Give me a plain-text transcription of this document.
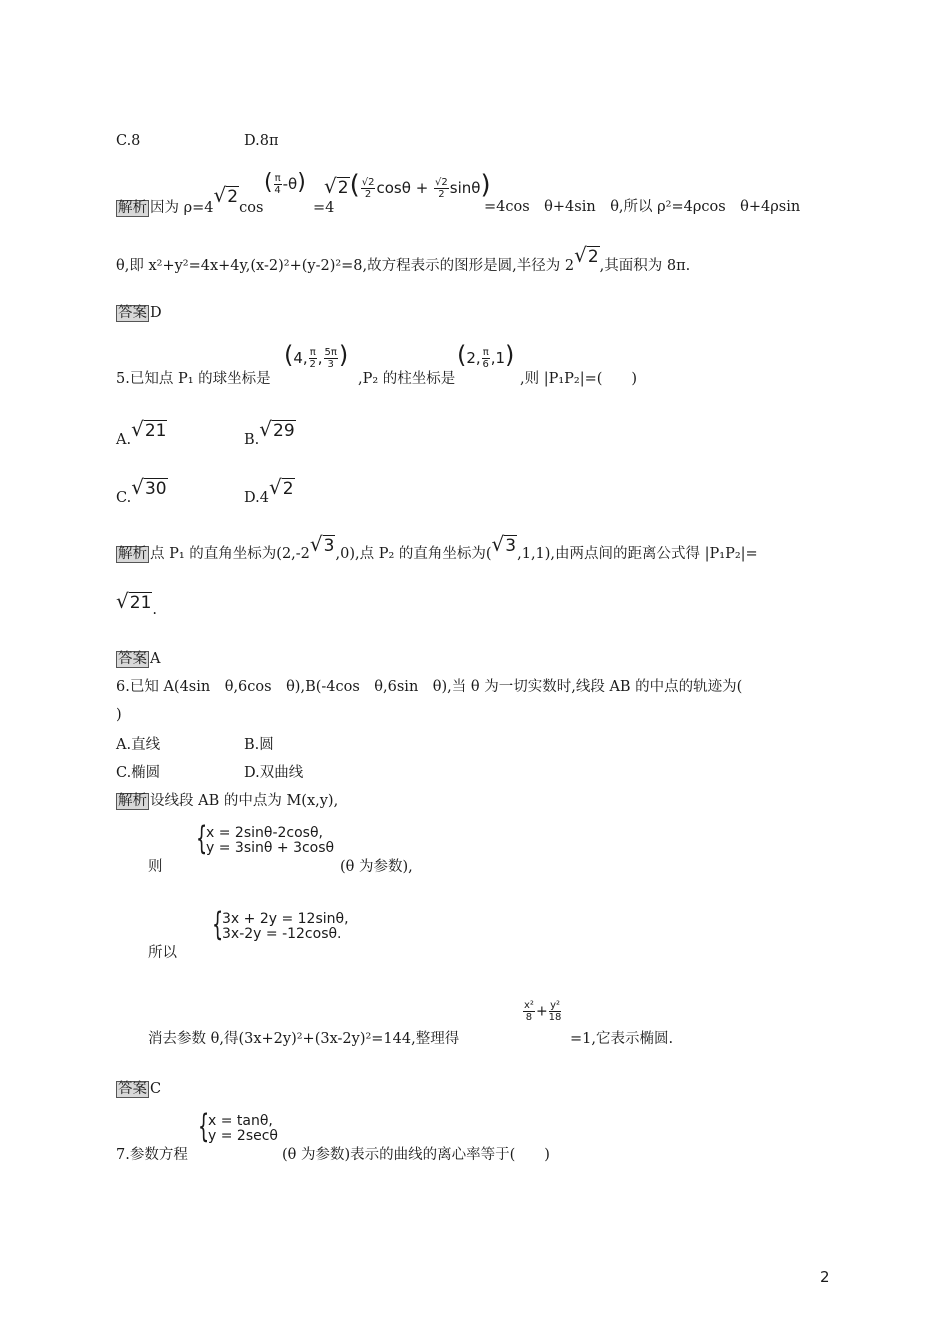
C.8	D.8π
解析 因为 ρ=4√2cos
( $\frac{\pi}{4} -\theta$)
=4
$√2( \frac{√2}{2}$ $\cos\theta + \frac{√2}{2} \sin\theta$)
=4cos　θ+4sin　θ,所以 ρ²=4ρcos　θ+4ρsin
θ,即 x²+y²=4x+4y,(x-2)²+(y-2)²=8,故方程表示的图形是圆,半径为 2√2,其面积为 8π.
答案 D
5.已知点 P₁ 的球坐标是
(4, $\frac{\pi}{2}$ , $\frac{5\pi}{3}$ )
,P₂ 的柱坐标是
(2, $\frac{\pi}{6} ,1$)
,则 |P₁P₂|=(　　)
A.√21	B.√29
C.√30	D.4√2
解析 点 P₁ 的直角坐标为(2,-2√3,0),点 P₂ 的直角坐标为(√3,1,1),由两点间的距离公式得 |P₁P₂|=
√21.
答案 A
6.已知 A(4sin　θ,6cos　θ),B(-4cos　θ,6sin　θ),当 θ 为一切实数时,线段 AB 的中点的轨迹为(
)
A.直线	B.圆
C.椭圆	D.双曲线
解析 设线段 AB 的中点为 M(x,y),
{
x = 2sinθ-2cosθ,
y = 3sinθ + 3cosθ
则	(θ 为参数),
{
3x + 2y = 12sinθ,
3x-2y = -12cosθ.
所以
消去参数 θ,得(3x+2y)²+(3x-2y)²=144,整理得
$\frac{\text{x²}}{8} + \frac{\text{y²}}{18}$
=1,它表示椭圆.
答案 C
{
x = tanθ,
y = 2secθ
7.参数方程	(θ 为参数)表示的曲线的离心率等于(　　)
2
